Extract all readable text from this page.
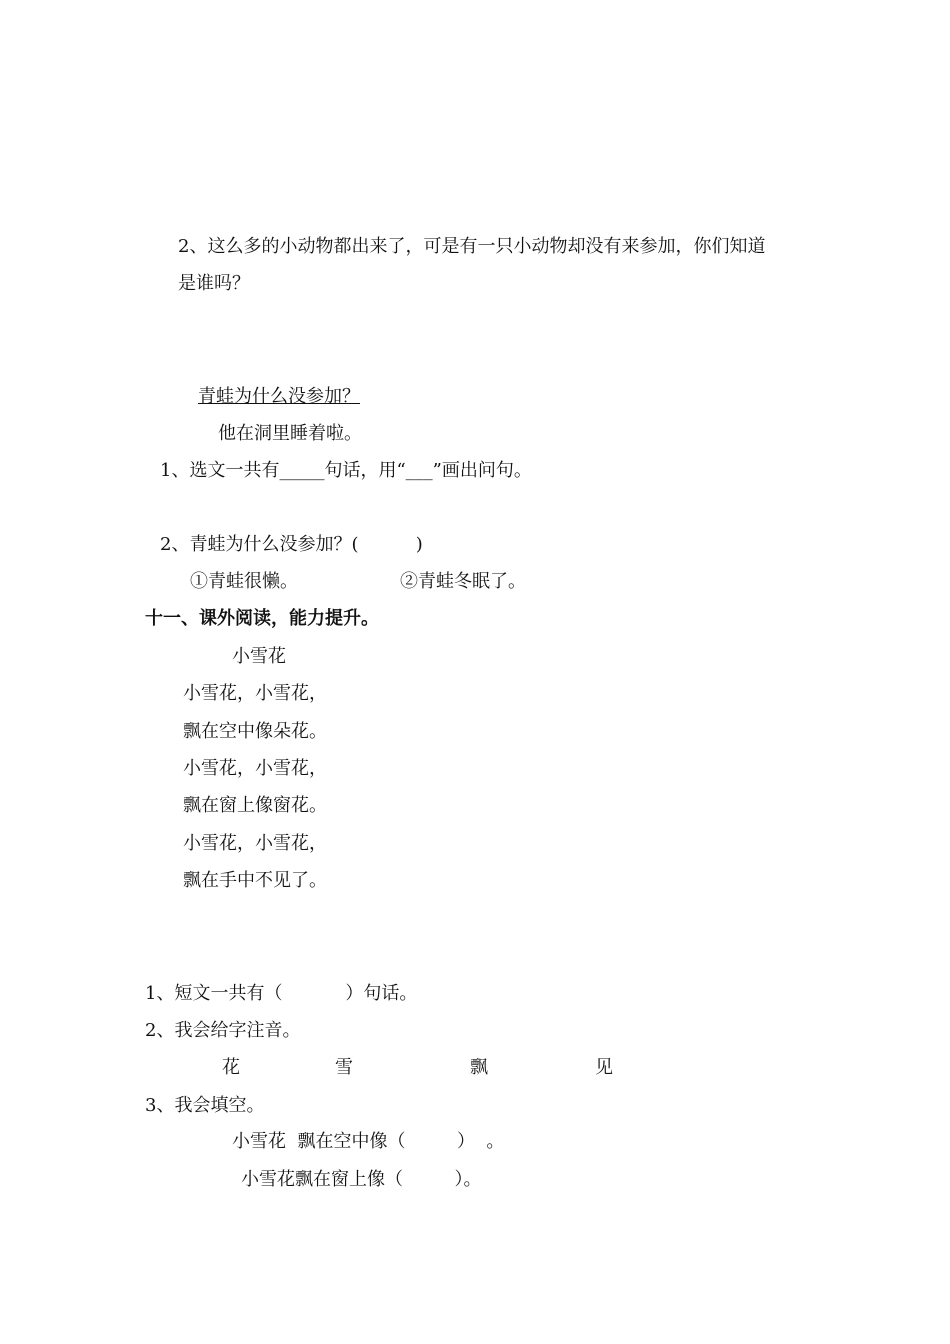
2、这么多的小动物都出来了，可是有一只小动物却没有来参加，你们知道
是谁吗？
青蛙为什么没参加？
他在洞里睡着啦。
1、选文一共有_____句话，用“___”画出问句。
2、青蛙为什么没参加？(          )
①青蛙很懒。	②青蛙冬眠了。
十一、课外阅读，能力提升。
小雪花
小雪花，小雪花，
飘在空中像朵花。
小雪花，小雪花，
飘在窗上像窗花。
小雪花，小雪花，
飘在手中不见了。
1、短文一共有（           ）句话。
2、我会给字注音。
花	雪	飘	见
3、我会填空。
小雪花  飘在空中像（         ）  。
小雪花飘在窗上像（         ）。
